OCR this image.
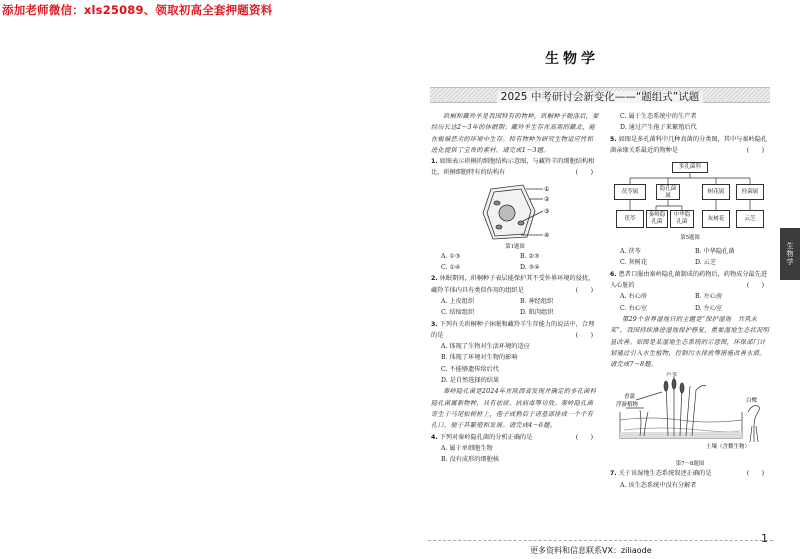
添加老师微信：xls25089、领取初高全套押题资料
生物学
2025 中考研讨会新变化——“题组式”试题

珙桐和藏羚羊是我国特有的物种，珙桐种子脱落后，要经历长达2～3年的休眠期；藏羚羊生存在高寒的藏北，能在极端恶劣的环境中生存。特有物种为研究生物适应性和进化提供了宝贵的素材。请完成1～3题。

1. 如图表示珙桐的细胞结构示意图，与藏羚羊的细胞结构相比，珙桐细胞特有的结构有	(　　)
①
②
③
④
第1题图
A. ①③	B. ②③
C. ①④	D. ③④
2. 休眠期间，珙桐种子表层能保护其不受外界环境的侵扰，藏羚羊体内具有类似作用的组织是	(　　)
A. 上皮组织	B. 神经组织
C. 结缔组织	D. 肌肉组织
3. 下列有关珙桐种子休眠和藏羚羊生存能力的说法中，合理的是	(　　)
A. 体现了生物对生活环境的适应
B. 体现了环境对生物的影响
C. 不能够遗传给后代
D. 是自然选择的结果

秦岭隐孔菌是2024年在陕西省发现并确定的多孔菌科隐孔菌属新物种，具有祛痰、抗病毒等功效。秦岭隐孔菌寄生于马尾松树桩上，孢子成熟后于诸基部排成一个个有孔口，便于其繁殖和发展。请完成4～6题。

4. 下列对秦岭隐孔菌的分析正确的是	(　　)
A. 属于单细胞生物
B. 没有成形的细胞核
C. 属于生态系统中的生产者
D. 通过产生孢子来繁殖后代
5. 如图是多孔菌科中几种真菌的分类图，其中与秦岭隐孔菌亲缘关系最近的物种是	(　　)
多孔菌科
茯苓属	隐孔菌属
树花属	栓菌属
茯苓
秦岭隐孔菌
中华隐孔菌	灰树花	云芝
第5题图
A. 茯苓	B. 中华隐孔菌
C. 灰树花	D. 云芝
6. 患者口服由秦岭隐孔菌制成的药物后，药物成分最先进入心脏的	(　　)
A. 右心房	B. 左心房
C. 右心室	D. 左心室

第29个世界湿地日的主题是“保护湿地　共筑未来”，我国持续推进湿地保护修复，重要湿地生态状况明显改善。如图是某湿地生态系统的示意图，环保部门计划通过引入水生植物，控制污水排放等措施改善水质。请完成7～8题。

浮游植物
香蒲
芦苇
白鹭
土壤（含微生物）
第7～8题图
7. 关于该湿地生态系统叙述正确的是	(　　)
A. 该生态系统中没有分解者
生物学
1
更多资料和信息联系VX：ziliaode
